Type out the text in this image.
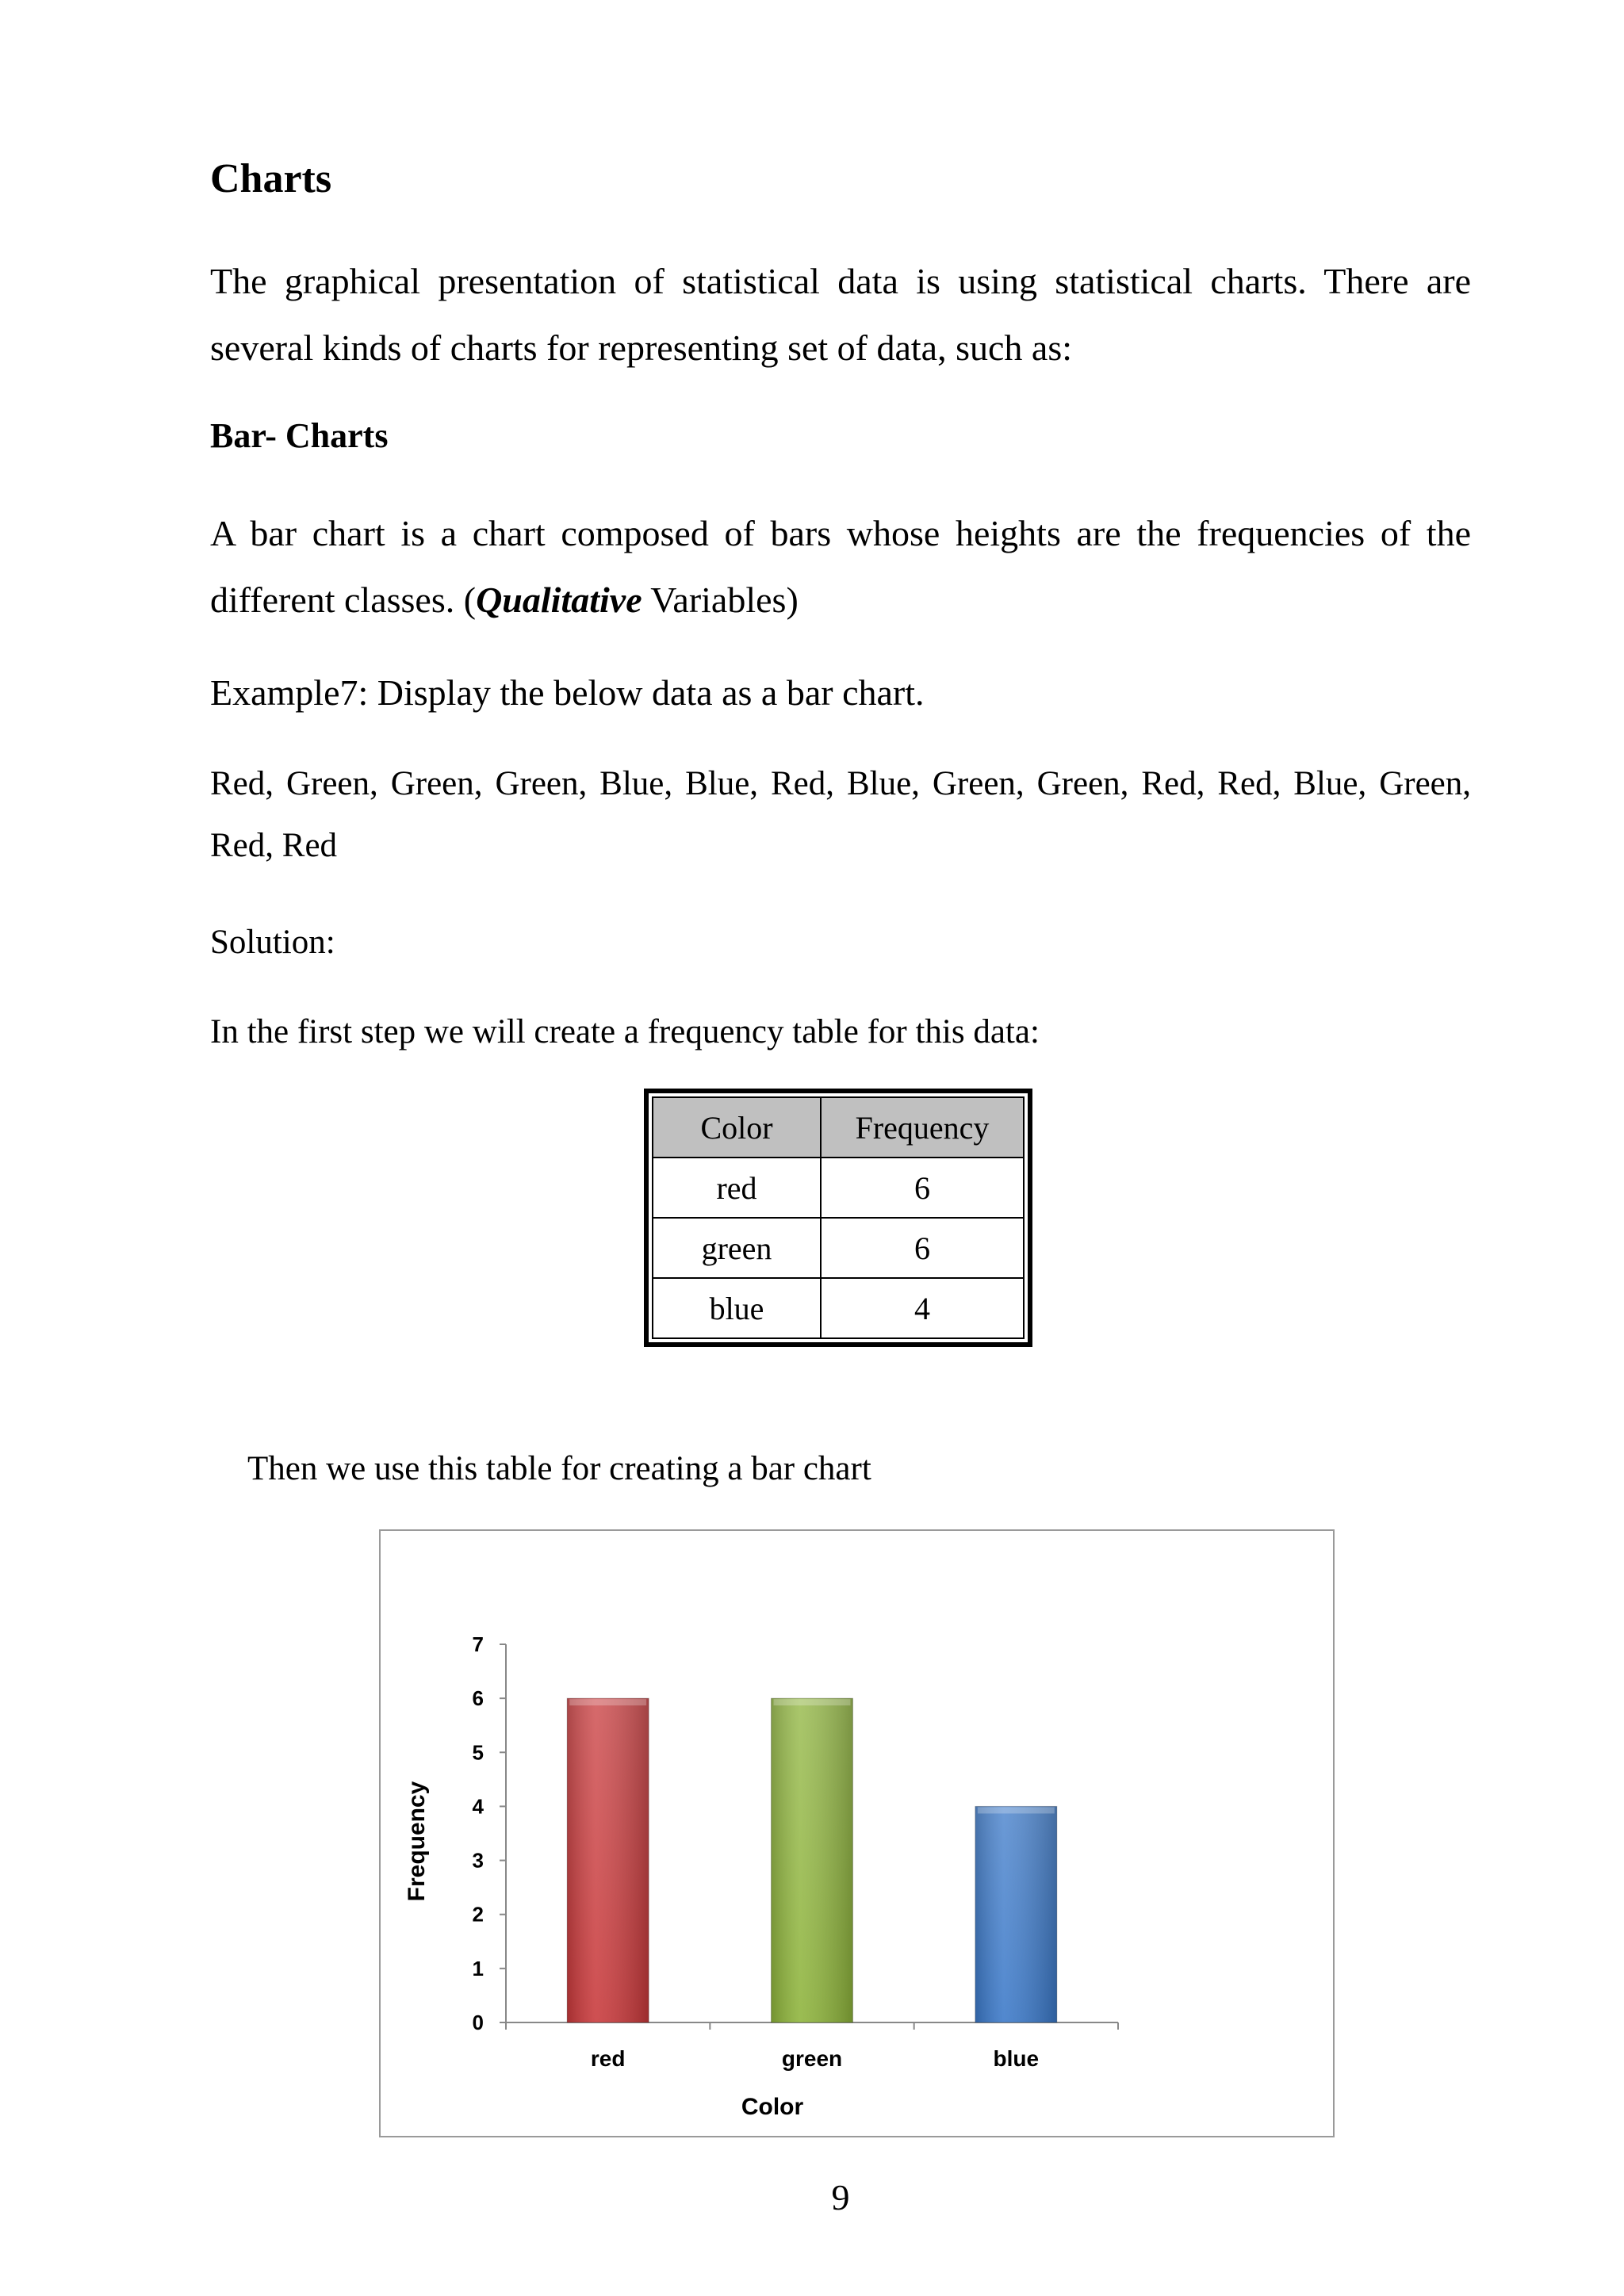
Charts

The graphical presentation of statistical data is using statistical charts. There are several kinds of charts for representing set of data, such as:

Bar- Charts

A bar chart is a chart composed of bars whose heights are the frequencies of the different classes. (Qualitative Variables)

Example7: Display the below data as a bar chart.

Red, Green, Green, Green, Blue, Blue, Red, Blue, Green, Green, Red, Red, Blue, Green, Red, Red

Solution:

In the first step we will create a frequency table for this data:

Color	Frequency
red	6
green	6
blue	4

Then we use this table for creating a bar chart

0
1
2
3
4
5
6
7
red	green	blue
Color
Frequency
9
